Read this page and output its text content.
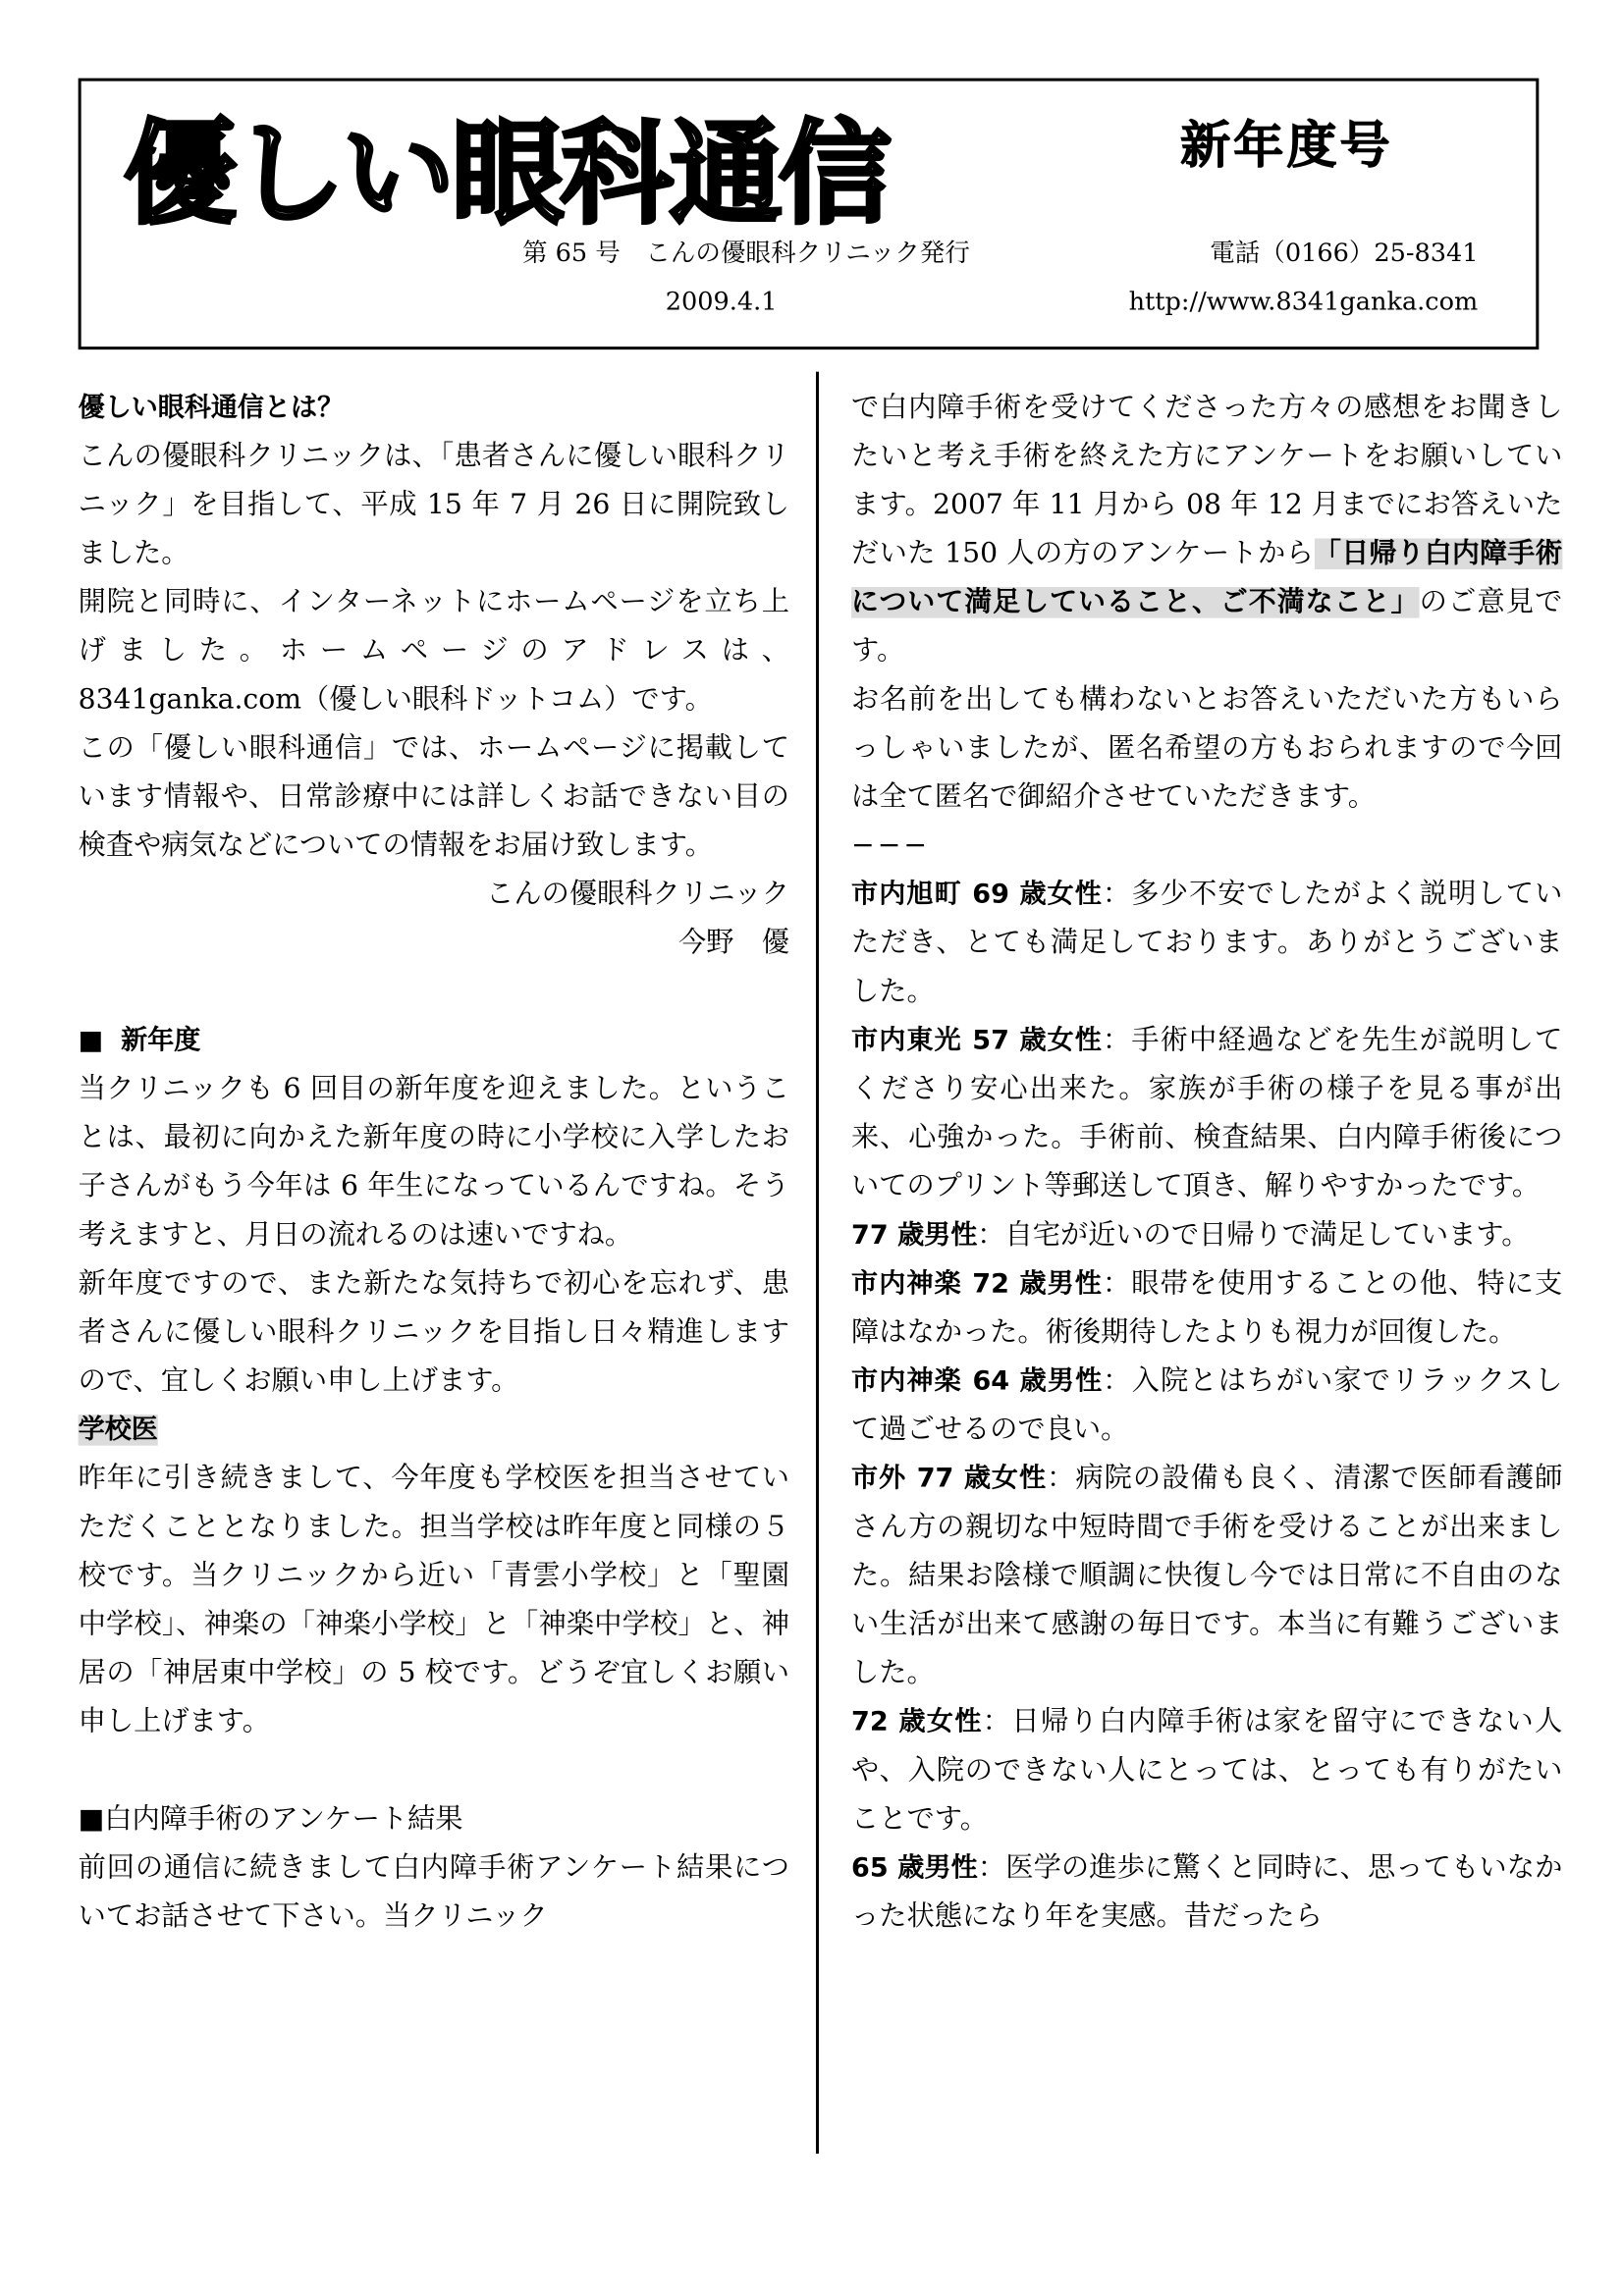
優しい眼科通信	新年度号
第 65 号　こんの優眼科クリニック発行	電話（0166）25-8341
2009.4.1	http://www.8341ganka.com

優しい眼科通信とは？

こんの優眼科クリニックは、「患者さんに優しい眼科クリニック」を目指して、平成 15 年 7 月 26 日に開院致しました。

開院と同時に、インターネットにホームページを立ち上げました。ホームページのアドレスは、8341ganka.com（優しい眼科ドットコム）です。

この「優しい眼科通信」では、ホームページに掲載しています情報や、日常診療中には詳しくお話できない目の検査や病気などについての情報をお届け致します。

こんの優眼科クリニック

今野　優

■ 新年度

当クリニックも 6 回目の新年度を迎えました。ということは、最初に向かえた新年度の時に小学校に入学したお子さんがもう今年は 6 年生になっているんですね。そう考えますと、月日の流れるのは速いですね。

新年度ですので、また新たな気持ちで初心を忘れず、患者さんに優しい眼科クリニックを目指し日々精進しますので、宜しくお願い申し上げます。

学校医

昨年に引き続きまして、今年度も学校医を担当させていただくこととなりました。担当学校は昨年度と同様の５校です。当クリニックから近い「青雲小学校」と「聖園中学校」、神楽の「神楽小学校」と「神楽中学校」と、神居の「神居東中学校」の 5 校です。どうぞ宜しくお願い申し上げます。

■白内障手術のアンケート結果

前回の通信に続きまして白内障手術アンケート結果についてお話させて下さい。当クリニック

で白内障手術を受けてくださった方々の感想をお聞きしたいと考え手術を終えた方にアンケートをお願いしています。2007 年 11 月から 08 年 12 月までにお答えいただいた 150 人の方のアンケートから「日帰り白内障手術について満足していること、ご不満なこと」のご意見です。

お名前を出しても構わないとお答えいただいた方もいらっしゃいましたが、匿名希望の方もおられますので今回は全て匿名で御紹介させていただきます。

−−−

市内旭町 69 歳女性：多少不安でしたがよく説明していただき、とても満足しております。ありがとうございました。

市内東光 57 歳女性：手術中経過などを先生が説明してくださり安心出来た。家族が手術の様子を見る事が出来、心強かった。手術前、検査結果、白内障手術後についてのプリント等郵送して頂き、解りやすかったです。

77 歳男性：自宅が近いので日帰りで満足しています。

市内神楽 72 歳男性：眼帯を使用することの他、特に支障はなかった。術後期待したよりも視力が回復した。

市内神楽 64 歳男性：入院とはちがい家でリラックスして過ごせるので良い。

市外 77 歳女性：病院の設備も良く、清潔で医師看護師さん方の親切な中短時間で手術を受けることが出来ました。結果お陰様で順調に快復し今では日常に不自由のない生活が出来て感謝の毎日です。本当に有難うございました。

72 歳女性：日帰り白内障手術は家を留守にできない人や、入院のできない人にとっては、とっても有りがたいことです。

65 歳男性：医学の進歩に驚くと同時に、思ってもいなかった状態になり年を実感。昔だったら
